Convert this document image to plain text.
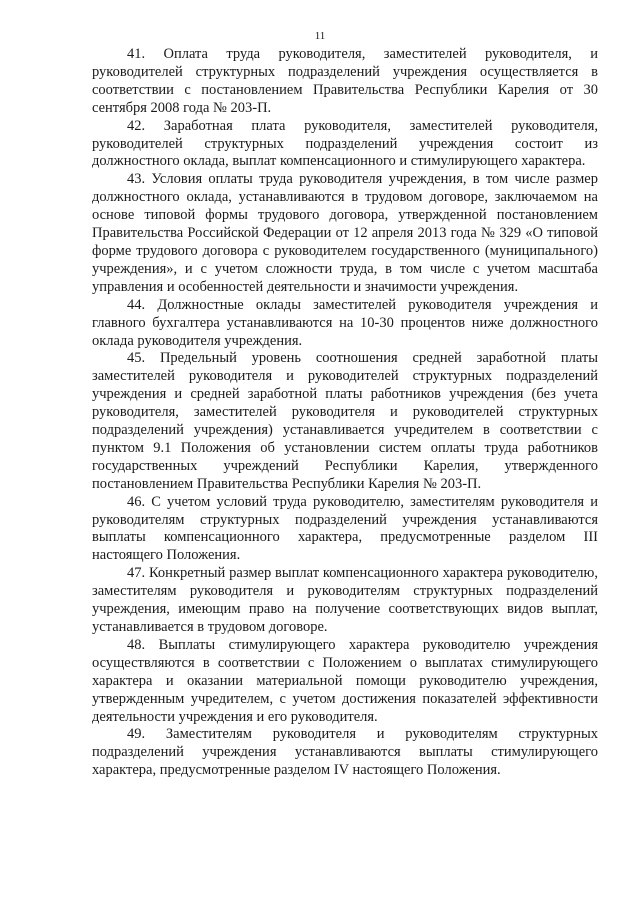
11

41. Оплата труда руководителя, заместителей руководителя, и руководителей структурных подразделений учреждения осуществляется в соответствии с постановлением Правительства Республики Карелия от 30 сентября 2008 года № 203-П.

42. Заработная плата руководителя, заместителей руководителя, руководителей структурных подразделений учреждения состоит из должностного оклада, выплат компенсационного и стимулирующего характера.

43. Условия оплаты труда руководителя учреждения, в том числе размер должностного оклада, устанавливаются в трудовом договоре, заключаемом на основе типовой формы трудового договора, утвержденной постановлением Правительства Российской Федерации от 12 апреля 2013 года № 329 «О типовой форме трудового договора с руководителем государственного (муниципального) учреждения», и с учетом сложности труда, в том числе с учетом масштаба управления и особенностей деятельности и значимости учреждения.

44. Должностные оклады заместителей руководителя учреждения и главного бухгалтера устанавливаются на 10-30 процентов ниже должностного оклада руководителя учреждения.

45. Предельный уровень соотношения средней заработной платы заместителей руководителя и руководителей структурных подразделений учреждения и средней заработной платы работников учреждения (без учета руководителя, заместителей руководителя и руководителей структурных подразделений учреждения) устанавливается учредителем в соответствии с пунктом 9.1 Положения об установлении систем оплаты труда работников государственных учреждений Республики Карелия, утвержденного постановлением Правительства Республики Карелия № 203-П.

46. С учетом условий труда руководителю, заместителям руководителя и руководителям структурных подразделений учреждения устанавливаются выплаты компенсационного характера, предусмотренные разделом III настоящего Положения.

47. Конкретный размер выплат компенсационного характера руководителю, заместителям руководителя и руководителям структурных подразделений учреждения, имеющим право на получение соответствующих видов выплат, устанавливается в трудовом договоре.

48. Выплаты стимулирующего характера руководителю учреждения осуществляются в соответствии с Положением о выплатах стимулирующего характера и оказании материальной помощи руководителю учреждения, утвержденным учредителем, с учетом достижения показателей эффективности деятельности учреждения и его руководителя.

49. Заместителям руководителя и руководителям структурных подразделений учреждения устанавливаются выплаты стимулирующего характера, предусмотренные разделом IV настоящего Положения.
